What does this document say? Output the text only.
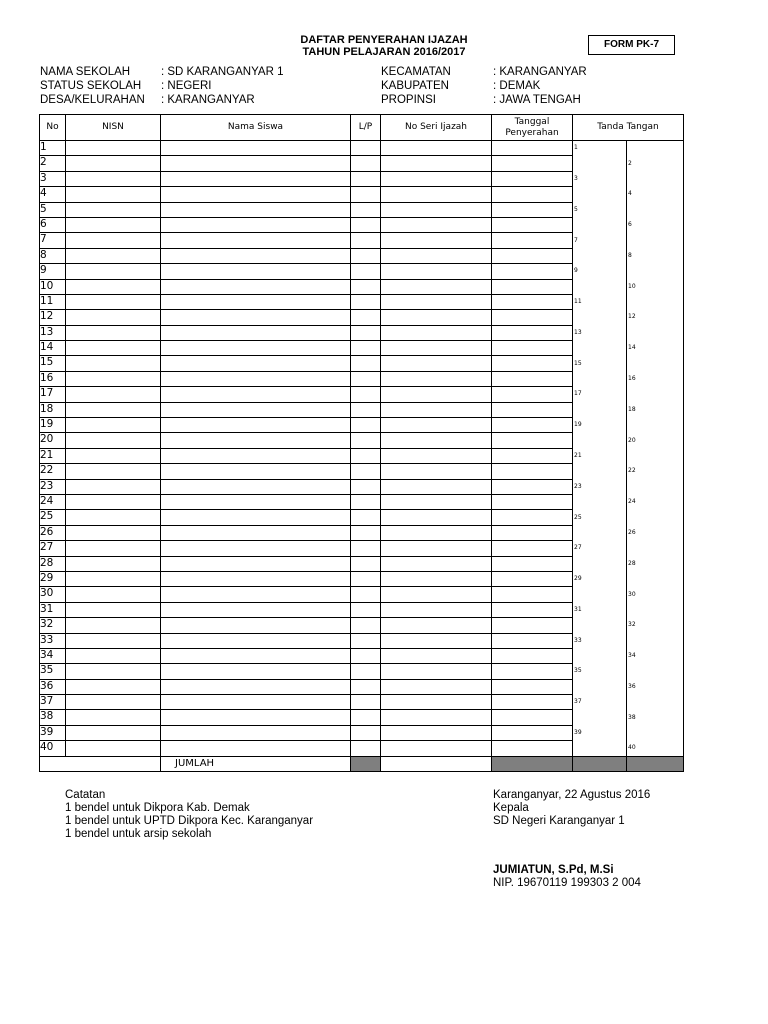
DAFTAR PENYERAHAN IJAZAH
TAHUN PELAJARAN 2016/2017
FORM PK-7
NAMA SEKOLAH	: SD KARANGANYAR 1
STATUS SEKOLAH : NEGERI
DESA/KELURAHAN : KARANGANYAR
KECAMATAN	: KARANGANYAR
KABUPATEN	: DEMAK
PROPINSI	: JAWA TENGAH
No	NISN	Nama Siswa	L/P	No Seri Ijazah	Tanggal
Penyerahan	Tanda Tangan	
1						1	
2							2
3						3	
4							4
5						5	
6							6
7						7	
8							8
9						9	
10							10
11						11	
12							12
13						13	
14							14
15						15	
16							16
17						17	
18							18
19						19	
20							20
21						21	
22							22
23						23	
24							24
25						25	
26							26
27						27	
28							28
29						29	
30							30
31						31	
32							32
33						33	
34							34
35						35	
36							36
37						37	
38							38
39						39	
40							40
		JUMLAH					
Catatan
1 bendel untuk Dikpora Kab. Demak
1 bendel untuk UPTD Dikpora Kec. Karanganyar
1 bendel untuk arsip sekolah
Karanganyar, 22 Agustus 2016
Kepala
SD Negeri Karanganyar 1
JUMIATUN, S.Pd, M.Si
NIP. 19670119 199303 2 004
